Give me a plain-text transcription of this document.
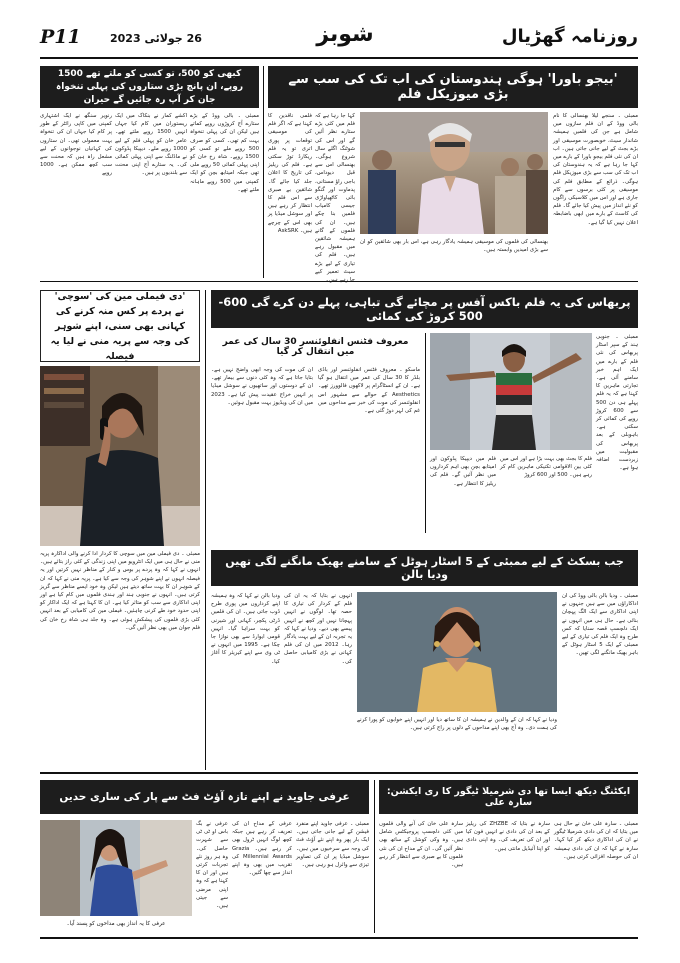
P11	26 جولائی 2023	شوبز	روزنامہ گھڑیال
'بیجو باورا' ہوگی ہندوستان کی اب تک کی سب سے بڑی میوزیکل فلم
ممبئی ۔ سنجے لیلا بھنسالی کا نام بالی ووڈ کے ان فلم سازوں میں شامل ہے جن کی فلمیں ہمیشہ شاندار سیٹ، خوبصورت موسیقی اور بڑے بجٹ کے لیے جانی جاتی ہیں۔ اب ان کی نئی فلم بیجو باورا کے بارے میں کہا جا رہا ہے کہ یہ ہندوستان کی اب تک کی سب سے بڑی میوزیکل فلم ہوگی۔ ذرائع کے مطابق فلم کی موسیقی پر کئی برسوں سے کام جاری ہے اور اس میں کلاسیکی راگوں کو نئے انداز میں پیش کیا جائے گا۔ فلم کی کاسٹ کے بارے میں ابھی باضابطہ اعلان نہیں کیا گیا ہے۔
کہا جا رہا ہے کہ فلم میں کئی بڑے ستارے نظر آئیں گے اور اس کی شوٹنگ اگلے سال شروع ہوگی۔ بھنسالی اس سے قبل دیوداس، باجی راؤ مستانی، پدماوت اور گنگو بائی کاٹھیاواڑی جیسی کامیاب فلمیں بنا چکے ہیں۔ ان کی فلموں کے گانے ہمیشہ شائقین میں مقبول رہے ہیں۔ فلم کی تیاری کے لیے بڑے سیٹ تعمیر کیے
فلمی ناقدین کا کہنا ہے کہ اگر فلم کی موسیقی توقعات پر پوری اتری تو یہ فلم ریکارڈ توڑ سکتی ہے۔ فلم کی ریلیز کی تاریخ کا اعلان جلد کیا جائے گا۔ شائقین بے صبری سے اس فلم کا انتظار کر رہے ہیں اور سوشل میڈیا پر بھی اس کے چرچے ہیں۔ AskSRK
بھنسالی کی فلموں کی موسیقی ہمیشہ یادگار رہی ہے، اس بار بھی شائقین کو ان سے بڑی امیدیں وابستہ ہیں۔
کبھی کو 500، تو کسی کو ملتے تھے 1500 روپے، ان پانچ بڑی ستاروں کی پہلی تنخواہ جان کر آپ رہ جائیں گے حیران
ممبئی ۔ بالی ووڈ کے بڑے ستارے آج کروڑوں روپے کماتے ہیں لیکن ان کی پہلی تنخواہ بہت کم تھی۔ کسی کو صرف 500 روپے ملے تو کسی کو 1500 روپے۔ شاہ رخ خان کو اپنی پہلی کمائی 50 روپے ملی تھی جبکہ امیتابھ بچن کو ایک کمپنی میں 500 روپے ماہانہ ملتے تھے۔
اکشے کمار نے بنکاک میں ایک ریستوران میں کام کیا جہاں انہیں 1500 روپے ملتے تھے۔ عامر خان کو پہلی فلم کے لیے 1000 روپے ملے۔ دیپیکا پڈوکون نے ماڈلنگ سے اپنی پہلی کمائی کی۔ یہ ستارے آج اپنی محنت سے بلندیوں پر ہیں۔
رنویر سنگھ نے ایک اشتہاری کمپنی میں کاپی رائٹر کے طور پر کام کیا جہاں ان کی تنخواہ بہت معمولی تھی۔ ان ستاروں کی کہانیاں نوجوانوں کے لیے مشعل راہ ہیں کہ محنت سے سب کچھ ممکن ہے۔ 1000 روپے
'دی فیملی مین کی 'سوچی' نے پردے پر کس منہ کرنے کی کہانی بھی سنی، اپنے شوہر کی وجہ سے پریہ منی نے لیا یہ فیصلہ
ممبئی ۔ دی فیملی مین میں سوچی کا کردار ادا کرنے والی اداکارہ پریہ منی نے حال ہی میں ایک انٹرویو میں اپنی زندگی کے کئی راز بتائے ہیں۔ انہوں نے کہا کہ وہ پردے پر بوس و کنار کے مناظر نہیں کرتیں اور یہ فیصلہ انہوں نے اپنے شوہر کی وجہ سے کیا ہے۔ پریہ منی نے کہا کہ ان کے شوہر ان کا بہت ساتھ دیتے ہیں لیکن وہ خود ایسے مناظر سے گریز کرتی ہیں۔ انہوں نے جنوبی ہند اور ہندی فلموں میں کام کیا ہے اور اپنی اداکاری سے سب کو متاثر کیا ہے۔ ان کا کہنا ہے کہ ایک اداکار کو اپنی حدود خود طے کرنی چاہئیں۔ فیملی مین کی کامیابی کے بعد انہیں کئی بڑی فلموں کی پیشکش ہوئی ہے۔ وہ جلد ہی شاہ رخ خان کی فلم جوان میں بھی نظر آئیں گی۔
پربھاس کی یہ فلم باکس آفس پر مچائے گی تباہی، پہلے دن کرے گی 600-500 کروڑ کی کمائی
ممبئی ۔ جنوبی ہند کے سپر اسٹار پربھاس کی نئی فلم کے بارے میں ایک اہم خبر سامنے آئی ہے۔ تجارتی ماہرین کا کہنا ہے کہ یہ فلم پہلے ہی دن 500 سے 600 کروڑ روپے کی کمائی کر سکتی ہے۔ باہوبلی کے بعد پربھاس کی مقبولیت میں زبردست اضافہ ہوا ہے۔
فلم کا بجٹ بھی بہت بڑا ہے اور اس میں کئی بین الاقوامی تکنیکی ماہرین کام کر رہے ہیں۔ 500 اور 600 کروڑ
فلم میں دیپیکا پڈوکون اور امیتابھ بچن بھی اہم کرداروں میں نظر آئیں گے۔ فلم کی ریلیز کا انتظار ہے۔
معروف فٹنس انفلوئنسر 30 سال کی عمر میں انتقال کر گیا
ماسکو ۔ معروف فٹنس انفلوئنسر اور باڈی بلڈر کا 30 سال کی عمر میں انتقال ہو گیا ہے۔ ان کے انسٹاگرام پر لاکھوں فالوورز تھے۔ Aesthetics کے حوالے سے مشہور اس انفلوئنسر کی موت کی خبر سے مداحوں میں غم کی لہر دوڑ گئی ہے۔
ان کی موت کی وجہ ابھی واضح نہیں ہے۔ بتایا جاتا ہے کہ وہ کئی دنوں سے بیمار تھے۔ ان کے دوستوں اور ساتھیوں نے سوشل میڈیا پر انہیں خراج عقیدت پیش کیا ہے۔ 2023 میں ان کی ویڈیوز بہت مقبول ہوئیں۔
جب بسکٹ کے لیے ممبئی کے 5 اسٹار ہوٹل کے سامنے بھیک مانگنے لگی تھیں ودیا بالن
ممبئی ۔ ودیا بالن بالی ووڈ کی ان اداکاراؤں میں سے ہیں جنہوں نے اپنی اداکاری سے ایک الگ پہچان بنائی ہے۔ حال ہی میں انہوں نے ایک دلچسپ قصہ سنایا کہ کس طرح وہ ایک فلم کی تیاری کے لیے ممبئی کے ایک 5 اسٹار ہوٹل کے باہر بھیک مانگنے لگی تھیں۔
انہوں نے بتایا کہ یہ ان کی فلم کے کردار کی تیاری کا حصہ تھا۔ لوگوں نے انہیں پہچانا نہیں اور کچھ نے انہیں پیسے بھی دیے۔ ودیا نے کہا کہ یہ تجربہ ان کے لیے بہت یادگار رہا۔ 2012 میں ان کی فلم کہانی نے بڑی کامیابی حاصل کی۔
ودیا بالن نے کہا کہ وہ ہمیشہ اپنے کرداروں میں پوری طرح ڈوب جاتی ہیں۔ ان کی فلمیں ڈرٹی پکچر، کہانی اور شیرنی کو بہت سراہا گیا۔ انہیں قومی ایوارڈ سے بھی نوازا جا چکا ہے۔ 1995 میں انہوں نے ٹی وی سے اپنے کیریئر کا آغاز کیا۔
ودیا نے کہا کہ ان کے والدین نے ہمیشہ ان کا ساتھ دیا اور انہیں اپنے خوابوں کو پورا کرنے کی ہمت دی۔ وہ آج بھی اپنے مداحوں کے دلوں پر راج کرتی ہیں۔
ایکٹنگ دیکھ ایسا تھا دی شرمیلا ٹیگور کا ری ایکشن: سارہ علی
ممبئی ۔ سارہ علی خان نے حال ہی میں بتایا کہ ان کی دادی شرمیلا ٹیگور نے ان کی اداکاری دیکھ کر کیا کہا۔ سارہ نے کہا کہ ان کی دادی ہمیشہ ان کی حوصلہ افزائی کرتی ہیں۔
سارہ نے بتایا کہ ZHZBE کی ریلیز کے بعد ان کی دادی نے انہیں فون کیا اور ان کی تعریف کی۔ وہ اپنی دادی کو اپنا آئیڈیل مانتی ہیں۔
سارہ علی خان کی آنے والی فلموں میں کئی دلچسپ پروجیکٹس شامل ہیں۔ وہ وکی کوشل کے ساتھ بھی نظر آئیں گی۔ ان کے مداح ان کی نئی فلموں کا بے صبری سے انتظار کر رہے ہیں۔
عرفی جاوید نے اپنے تازہ آؤٹ فٹ سے پار کی ساری حدیں
ممبئی ۔ عرفی جاوید اپنے منفرد فیشن کے لیے جانی جاتی ہیں۔ ایک بار پھر وہ اپنے نئے آؤٹ فٹ کی وجہ سے سرخیوں میں ہیں۔ سوشل میڈیا پر ان کی تصاویر تیزی سے وائرل ہو رہی ہیں۔
عرفی کے مداح ان کی تعریف کر رہے ہیں جبکہ کچھ لوگ انہیں ٹرول بھی کر رہے ہیں۔ Grazia Millennial Awards کی تقریب میں بھی وہ اپنے انداز سے چھا گئیں۔
عرفی نے بگ باس او ٹی ٹی سے شہرت حاصل کی۔ وہ ہر روز نئے تجربات کرتی ہیں اور ان کا کہنا ہے کہ وہ اپنی مرضی سے جیتی ہیں۔
عرفی کا یہ انداز بھی مداحوں کو پسند آیا۔
